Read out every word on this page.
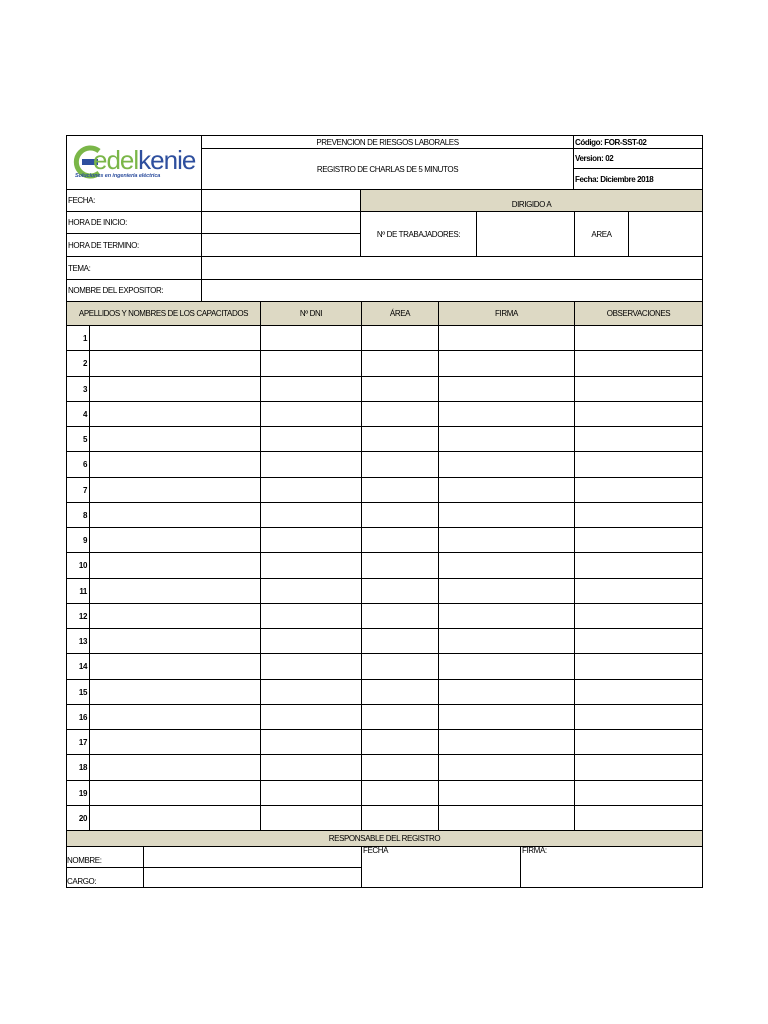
edelkenie
Soluciones en ingeniería eléctrica
PREVENCION DE RIESGOS LABORALES
REGISTRO DE CHARLAS DE 5 MINUTOS
Código: FOR-SST-02
Version: 02
Fecha: Diciembre 2018
FECHA:	DIRIGIDO A
HORA DE INICIO:
HORA DE TERMINO:
Nº DE TRABAJADORES:	AREA
TEMA:
NOMBRE DEL EXPOSITOR:
APELLIDOS Y NOMBRES DE LOS CAPACITADOS	Nº DNI	ÁREA	FIRMA	OBSERVACIONES
1
2
3
4
5
6
7
8
9
10
11
12
13
14
15
16
17
18
19
20
RESPONSABLE DEL REGISTRO
NOMBRE:
CARGO:
FECHA	FIRMA:
